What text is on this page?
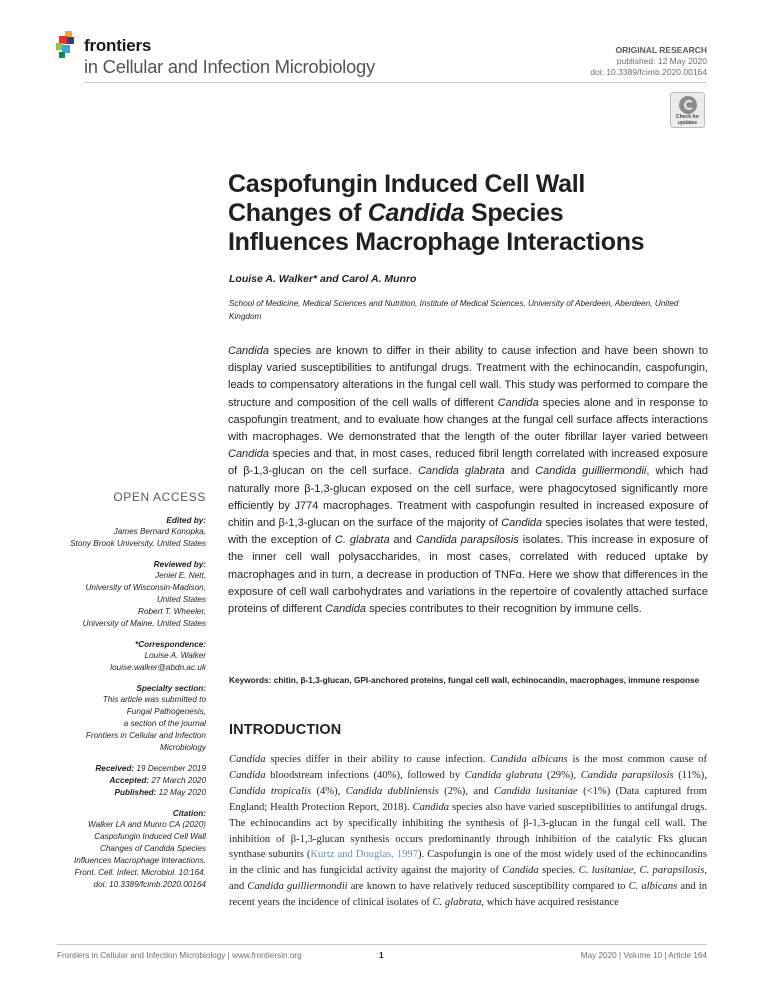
frontiers
in Cellular and Infection Microbiology
ORIGINAL RESEARCH
published: 12 May 2020
doi: 10.3389/fcimb.2020.00164
Check for
updates
Caspofungin Induced Cell Wall
Changes of Candida Species
Influences Macrophage Interactions
Louise A. Walker* and Carol A. Munro
School of Medicine, Medical Sciences and Nutrition, Institute of Medical Sciences, University of Aberdeen, Aberdeen, United Kingdom

Candida species are known to differ in their ability to cause infection and have been shown to display varied susceptibilities to antifungal drugs. Treatment with the echinocandin, caspofungin, leads to compensatory alterations in the fungal cell wall. This study was performed to compare the structure and composition of the cell walls of different Candida species alone and in response to caspofungin treatment, and to evaluate how changes at the fungal cell surface affects interactions with macrophages. We demonstrated that the length of the outer fibrillar layer varied between Candida species and that, in most cases, reduced fibril length correlated with increased exposure of β-1,3-glucan on the cell surface. Candida glabrata and Candida guilliermondii, which had naturally more β-1,3-glucan exposed on the cell surface, were phagocytosed significantly more efficiently by J774 macrophages. Treatment with caspofungin resulted in increased exposure of chitin and β-1,3-glucan on the surface of the majority of Candida species isolates that were tested, with the exception of C. glabrata and Candida parapsilosis isolates. This increase in exposure of the inner cell wall polysaccharides, in most cases, correlated with reduced uptake by macrophages and in turn, a decrease in production of TNFα. Here we show that differences in the exposure of cell wall carbohydrates and variations in the repertoire of covalently attached surface proteins of different Candida species contributes to their recognition by immune cells.

Keywords: chitin, β-1,3-glucan, GPI-anchored proteins, fungal cell wall, echinocandin, macrophages, immune response
INTRODUCTION

Candida species differ in their ability to cause infection. Candida albicans is the most common cause of Candida bloodstream infections (40%), followed by Candida glabrata (29%), Candida parapsilosis (11%), Candida tropicalis (4%), Candida dubliniensis (2%), and Candida lusitaniae (<1%) (Data captured from England; Health Protection Report, 2018). Candida species also have varied susceptibilities to antifungal drugs. The echinocandins act by specifically inhibiting the synthesis of β-1,3-glucan in the fungal cell wall. The inhibition of β-1,3-glucan synthesis occurs predominantly through inhibition of the catalytic Fks glucan synthase subunits (Kurtz and Douglas, 1997). Caspofungin is one of the most widely used of the echinocandins in the clinic and has fungicidal activity against the majority of Candida species. C. lusitaniae, C. parapsilosis, and Candida guilliermondii are known to have relatively reduced susceptibility compared to C. albicans and in recent years the incidence of clinical isolates of C. glabrata, which have acquired resistance

OPEN ACCESS
Edited by:
James Bernard Konopka,
Stony Brook University, United States
Reviewed by:
Jeniel E. Nett,
University of Wisconsin-Madison,
United States
Robert T. Wheeler,
University of Maine, United States
*Correspondence:
Louise A. Walker
louise.walker@abdn.ac.uk
Specialty section:
This article was submitted to
Fungal Pathogenesis,
a section of the journal
Frontiers in Cellular and Infection
Microbiology
Received: 19 December 2019
Accepted: 27 March 2020
Published: 12 May 2020
Citation:
Walker LA and Munro CA (2020)
Caspofungin Induced Cell Wall
Changes of Candida Species
Influences Macrophage Interactions.
Front. Cell. Infect. Microbiol. 10:164.
doi: 10.3389/fcimb.2020.00164
Frontiers in Cellular and Infection Microbiology | www.frontiersin.org	1	May 2020 | Volume 10 | Article 164
